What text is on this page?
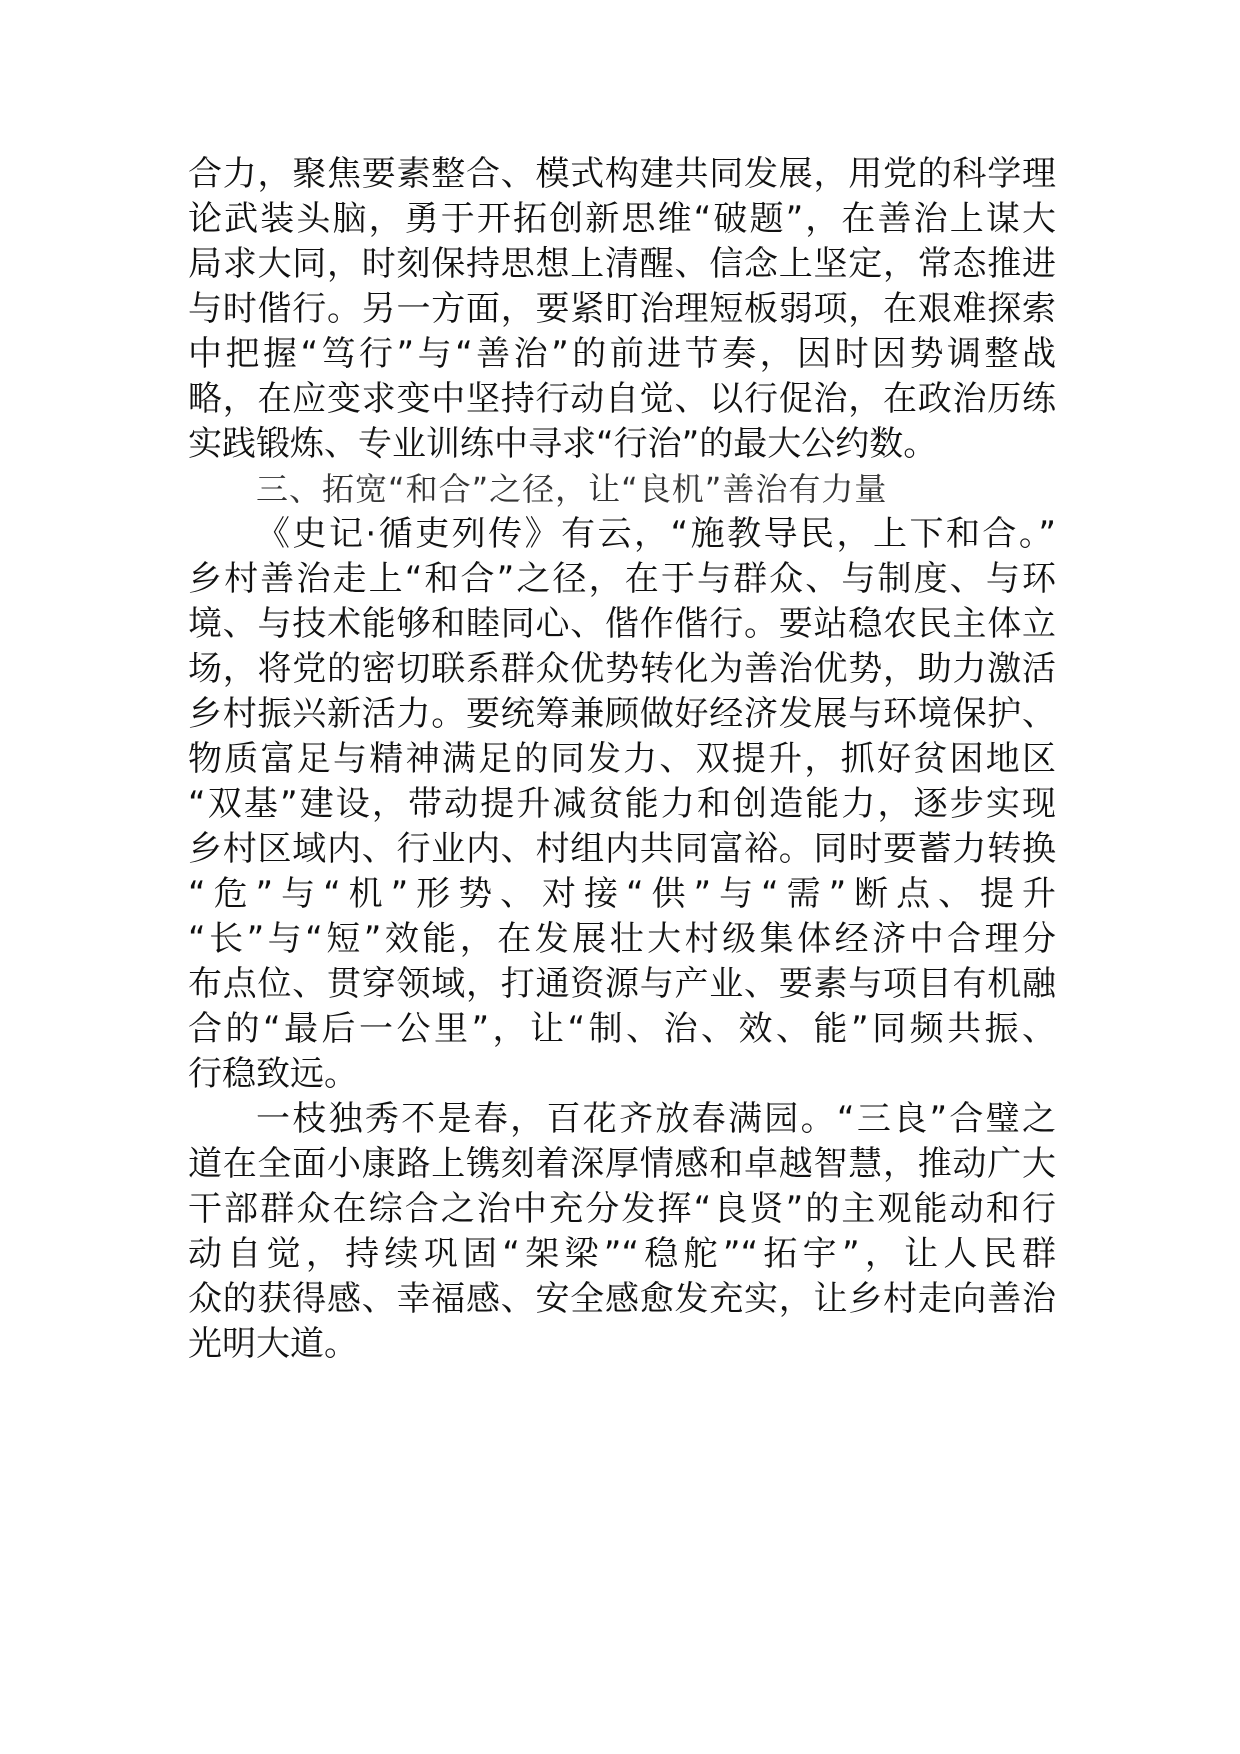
合力，聚焦要素整合、模式构建共同发展，用党的科学理
论武装头脑，勇于开拓创新思维“破题”，在善治上谋大
局求大同，时刻保持思想上清醒、信念上坚定，常态推进
与时偕行。另一方面，要紧盯治理短板弱项，在艰难探索
中把握“笃行”与“善治”的前进节奏，因时因势调整战
略，在应变求变中坚持行动自觉、以行促治，在政治历练
实践锻炼、专业训练中寻求“行治”的最大公约数。
三、拓宽“和合”之径，让“良机”善治有力量
《史记·循吏列传》有云，“施教导民，上下和合。”
乡村善治走上“和合”之径，在于与群众、与制度、与环
境、与技术能够和睦同心、偕作偕行。要站稳农民主体立
场，将党的密切联系群众优势转化为善治优势，助力激活
乡村振兴新活力。要统筹兼顾做好经济发展与环境保护、
物质富足与精神满足的同发力、双提升，抓好贫困地区
“双基”建设，带动提升减贫能力和创造能力，逐步实现
乡村区域内、行业内、村组内共同富裕。同时要蓄力转换
“危”与“机”形势、对接“供”与“需”断点、提升
“长”与“短”效能，在发展壮大村级集体经济中合理分
布点位、贯穿领域，打通资源与产业、要素与项目有机融
合的“最后一公里”，让“制、治、效、能”同频共振、
行稳致远。
一枝独秀不是春，百花齐放春满园。“三良”合璧之
道在全面小康路上镌刻着深厚情感和卓越智慧，推动广大
干部群众在综合之治中充分发挥“良贤”的主观能动和行
动自觉，持续巩固“架梁”“稳舵”“拓宇”，让人民群
众的获得感、幸福感、安全感愈发充实，让乡村走向善治
光明大道。
